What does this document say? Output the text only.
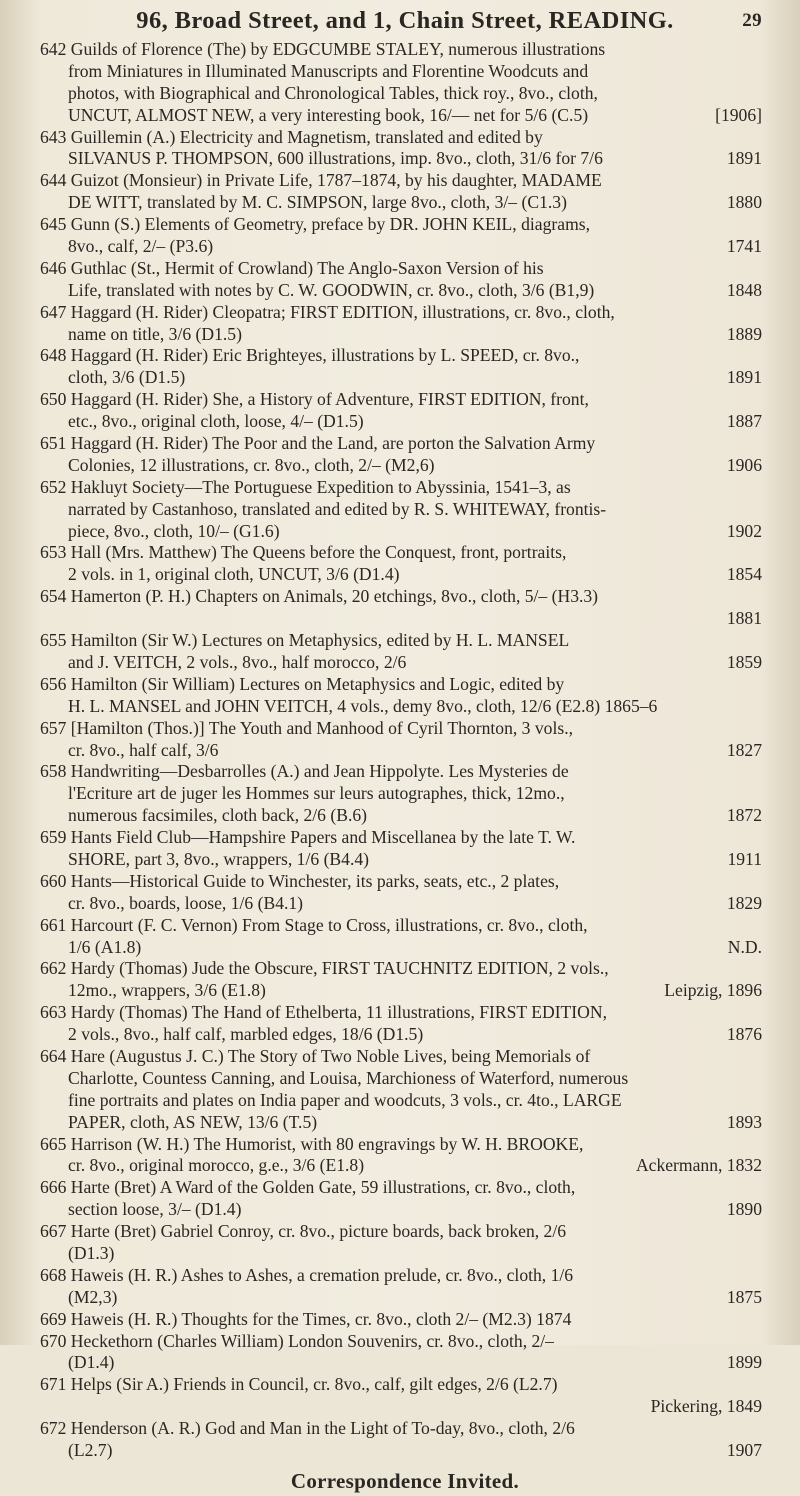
96, Broad Street, and 1, Chain Street, READING.	29
642 Guilds of Florence (The) by EDGCUMBE STALEY, numerous illustrations
from Miniatures in Illuminated Manuscripts and Florentine Woodcuts and
photos, with Biographical and Chronological Tables, thick roy., 8vo., cloth,
[1906]
UNCUT, ALMOST NEW, a very interesting book, 16/— net for 5/6 (C.5)
643 Guillemin (A.) Electricity and Magnetism, translated and edited by
1891
SILVANUS P. THOMPSON, 600 illustrations, imp. 8vo., cloth, 31/6 for 7/6
644 Guizot (Monsieur) in Private Life, 1787–1874, by his daughter, MADAME
1880
DE WITT, translated by M. C. SIMPSON, large 8vo., cloth, 3/– (C1.3)
645 Gunn (S.) Elements of Geometry, preface by DR. JOHN KEIL, diagrams,
1741
8vo., calf, 2/– (P3.6)
646 Guthlac (St., Hermit of Crowland) The Anglo-Saxon Version of his
1848
Life, translated with notes by C. W. GOODWIN, cr. 8vo., cloth, 3/6 (B1,9)
647 Haggard (H. Rider) Cleopatra; FIRST EDITION, illustrations, cr. 8vo., cloth,
1889
name on title, 3/6 (D1.5)
648 Haggard (H. Rider) Eric Brighteyes, illustrations by L. SPEED, cr. 8vo.,
1891
cloth, 3/6 (D1.5)
650 Haggard (H. Rider) She, a History of Adventure, FIRST EDITION, front,
1887
etc., 8vo., original cloth, loose, 4/– (D1.5)
651 Haggard (H. Rider) The Poor and the Land, are porton the Salvation Army
1906
Colonies, 12 illustrations, cr. 8vo., cloth, 2/– (M2,6)
652 Hakluyt Society—The Portuguese Expedition to Abyssinia, 1541–3, as
narrated by Castanhoso, translated and edited by R. S. WHITEWAY, frontis-
1902
piece, 8vo., cloth, 10/– (G1.6)
653 Hall (Mrs. Matthew) The Queens before the Conquest, front, portraits,
1854
2 vols. in 1, original cloth, UNCUT, 3/6 (D1.4)
654 Hamerton (P. H.) Chapters on Animals, 20 etchings, 8vo., cloth, 5/– (H3.3)
1881
655 Hamilton (Sir W.) Lectures on Metaphysics, edited by H. L. MANSEL
1859
and J. VEITCH, 2 vols., 8vo., half morocco, 2/6
656 Hamilton (Sir William) Lectures on Metaphysics and Logic, edited by
H. L. MANSEL and JOHN VEITCH, 4 vols., demy 8vo., cloth, 12/6 (E2.8) 1865–6
657 [Hamilton (Thos.)] The Youth and Manhood of Cyril Thornton, 3 vols.,
1827
cr. 8vo., half calf, 3/6
658 Handwriting—Desbarrolles (A.) and Jean Hippolyte. Les Mysteries de
l'Ecriture art de juger les Hommes sur leurs autographes, thick, 12mo.,
1872
numerous facsimiles, cloth back, 2/6 (B.6)
659 Hants Field Club—Hampshire Papers and Miscellanea by the late T. W.
1911
SHORE, part 3, 8vo., wrappers, 1/6 (B4.4)
660 Hants—Historical Guide to Winchester, its parks, seats, etc., 2 plates,
1829
cr. 8vo., boards, loose, 1/6 (B4.1)
661 Harcourt (F. C. Vernon) From Stage to Cross, illustrations, cr. 8vo., cloth,
N.D.
1/6 (A1.8)
662 Hardy (Thomas) Jude the Obscure, FIRST TAUCHNITZ EDITION, 2 vols.,
Leipzig, 1896
12mo., wrappers, 3/6 (E1.8)
663 Hardy (Thomas) The Hand of Ethelberta, 11 illustrations, FIRST EDITION,
1876
2 vols., 8vo., half calf, marbled edges, 18/6 (D1.5)
664 Hare (Augustus J. C.) The Story of Two Noble Lives, being Memorials of
Charlotte, Countess Canning, and Louisa, Marchioness of Waterford, numerous
fine portraits and plates on India paper and woodcuts, 3 vols., cr. 4to., LARGE
1893
PAPER, cloth, AS NEW, 13/6 (T.5)
665 Harrison (W. H.) The Humorist, with 80 engravings by W. H. BROOKE,
Ackermann, 1832
cr. 8vo., original morocco, g.e., 3/6 (E1.8)
666 Harte (Bret) A Ward of the Golden Gate, 59 illustrations, cr. 8vo., cloth,
1890
section loose, 3/– (D1.4)
667 Harte (Bret) Gabriel Conroy, cr. 8vo., picture boards, back broken, 2/6
(D1.3)
668 Haweis (H. R.) Ashes to Ashes, a cremation prelude, cr. 8vo., cloth, 1/6
1875
(M2,3)
669 Haweis (H. R.) Thoughts for the Times, cr. 8vo., cloth 2/– (M2.3) 1874
670 Heckethorn (Charles William) London Souvenirs, cr. 8vo., cloth, 2/–
1899
(D1.4)
671 Helps (Sir A.) Friends in Council, cr. 8vo., calf, gilt edges, 2/6 (L2.7)
Pickering, 1849
672 Henderson (A. R.) God and Man in the Light of To-day, 8vo., cloth, 2/6
1907
(L2.7)
Correspondence Invited.
